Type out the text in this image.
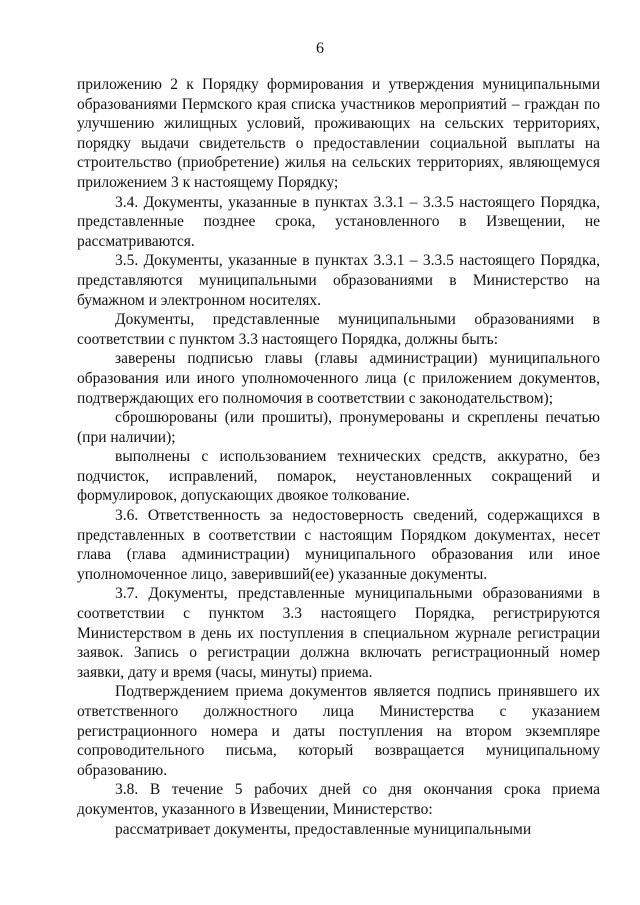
6

приложению 2 к Порядку формирования и утверждения муниципальными образованиями Пермского края списка участников мероприятий – граждан по улучшению жилищных условий, проживающих на сельских территориях, порядку выдачи свидетельств о предоставлении социальной выплаты на строительство (приобретение) жилья на сельских территориях, являющемуся приложением 3 к настоящему Порядку;

3.4. Документы, указанные в пунктах 3.3.1 – 3.3.5 настоящего Порядка, представленные позднее срока, установленного в Извещении, не рассматриваются.

3.5. Документы, указанные в пунктах 3.3.1 – 3.3.5 настоящего Порядка, представляются муниципальными образованиями в Министерство на бумажном и электронном носителях.

Документы, представленные муниципальными образованиями в соответствии с пунктом 3.3 настоящего Порядка, должны быть:

заверены подписью главы (главы администрации) муниципального образования или иного уполномоченного лица (с приложением документов, подтверждающих его полномочия в соответствии с законодательством);

сброшюрованы (или прошиты), пронумерованы и скреплены печатью (при наличии);

выполнены с использованием технических средств, аккуратно, без подчисток, исправлений, помарок, неустановленных сокращений и формулировок, допускающих двоякое толкование.

3.6. Ответственность за недостоверность сведений, содержащихся в представленных в соответствии с настоящим Порядком документах, несет глава (глава администрации) муниципального образования или иное уполномоченное лицо, заверивший(ее) указанные документы.

3.7. Документы, представленные муниципальными образованиями в соответствии с пунктом 3.3 настоящего Порядка, регистрируются Министерством в день их поступления в специальном журнале регистрации заявок. Запись о регистрации должна включать регистрационный номер заявки, дату и время (часы, минуты) приема.

Подтверждением приема документов является подпись принявшего их ответственного должностного лица Министерства с указанием регистрационного номера и даты поступления на втором экземпляре сопроводительного письма, который возвращается муниципальному образованию.

3.8. В течение 5 рабочих дней со дня окончания срока приема документов, указанного в Извещении, Министерство:

рассматривает документы, предоставленные муниципальными
